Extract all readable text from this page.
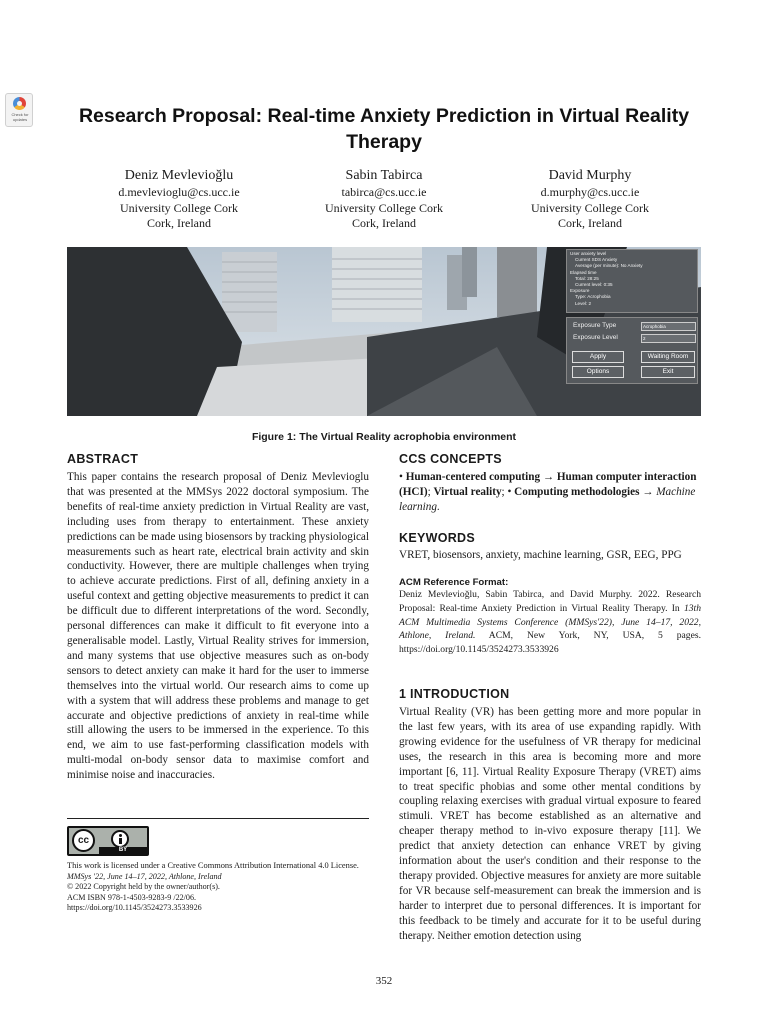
Check for updates	Research Proposal: Real-time Anxiety Prediction in Virtual Reality Therapy
Deniz Mevlevioğlu
d.mevlevioglu@cs.ucc.ie
University College Cork
Cork, Ireland
Sabin Tabirca
tabirca@cs.ucc.ie
University College Cork
Cork, Ireland
David Murphy
d.murphy@cs.ucc.ie
University College Cork
Cork, Ireland
User anxiety level
Current SDS Anxiety
Average (per minute): No Anxiety
Elapsed time
Total: 28:25
Current level: 0:35
Exposure
Type: Acrophobia
Level: 2
Exposure Type	Acrophobia
Exposure Level	2
Apply	Waiting Room
Options	Exit
Figure 1: The Virtual Reality acrophobia environment
ABSTRACT
This paper contains the research proposal of Deniz Mevlevioglu that was presented at the MMSys 2022 doctoral symposium. The benefits of real-time anxiety prediction in Virtual Reality are vast, including uses from therapy to entertainment. These anxiety predictions can be made using biosensors by tracking physiological measurements such as heart rate, electrical brain activity and skin conductivity. However, there are multiple challenges when trying to achieve accurate predictions. First of all, defining anxiety in a useful context and getting objective measurements to predict it can be difficult due to different interpretations of the word. Secondly, personal differences can make it difficult to fit everyone into a generalisable model. Lastly, Virtual Reality strives for immersion, and many systems that use objective measures such as on-body sensors to detect anxiety can make it hard for the user to immerse themselves into the virtual world. Our research aims to come up with a system that will address these problems and manage to get accurate and objective predictions of anxiety in real-time while still allowing the users to be immersed in the experience. To this end, we aim to use fast-performing classification models with multi-modal on-body sensor data to maximise comfort and minimise noise and inaccuracies.
cc
BY
This work is licensed under a Creative Commons Attribution International 4.0 License.
MMSys '22, June 14–17, 2022, Athlone, Ireland
© 2022 Copyright held by the owner/author(s).
ACM ISBN 978-1-4503-9283-9 /22/06.
https://doi.org/10.1145/3524273.3533926
CCS CONCEPTS
• Human-centered computing → Human computer interaction (HCI); Virtual reality; • Computing methodologies → Machine learning.
KEYWORDS
VRET, biosensors, anxiety, machine learning, GSR, EEG, PPG
ACM Reference Format:
Deniz Mevlevioğlu, Sabin Tabirca, and David Murphy. 2022. Research Proposal: Real-time Anxiety Prediction in Virtual Reality Therapy. In 13th ACM Multimedia Systems Conference (MMSys'22), June 14–17, 2022, Athlone, Ireland. ACM, New York, NY, USA, 5 pages. https://doi.org/10.1145/3524273.3533926
1 INTRODUCTION
Virtual Reality (VR) has been getting more and more popular in the last few years, with its area of use expanding rapidly. With growing evidence for the usefulness of VR therapy for medicinal uses, the research in this area is becoming more and more important [6, 11]. Virtual Reality Exposure Therapy (VRET) aims to treat specific phobias and some other mental conditions by coupling relaxing exercises with gradual virtual exposure to feared stimuli. VRET has become established as an alternative and cheaper therapy method to in-vivo exposure therapy [11]. We predict that anxiety detection can enhance VRET by giving information about the user's condition and their response to the therapy provided. Objective measures for anxiety are more suitable for VR because self-measurement can break the immersion and is harder to interpret due to personal differences. It is important for this feedback to be timely and accurate for it to be useful during therapy. Neither emotion detection using
352
